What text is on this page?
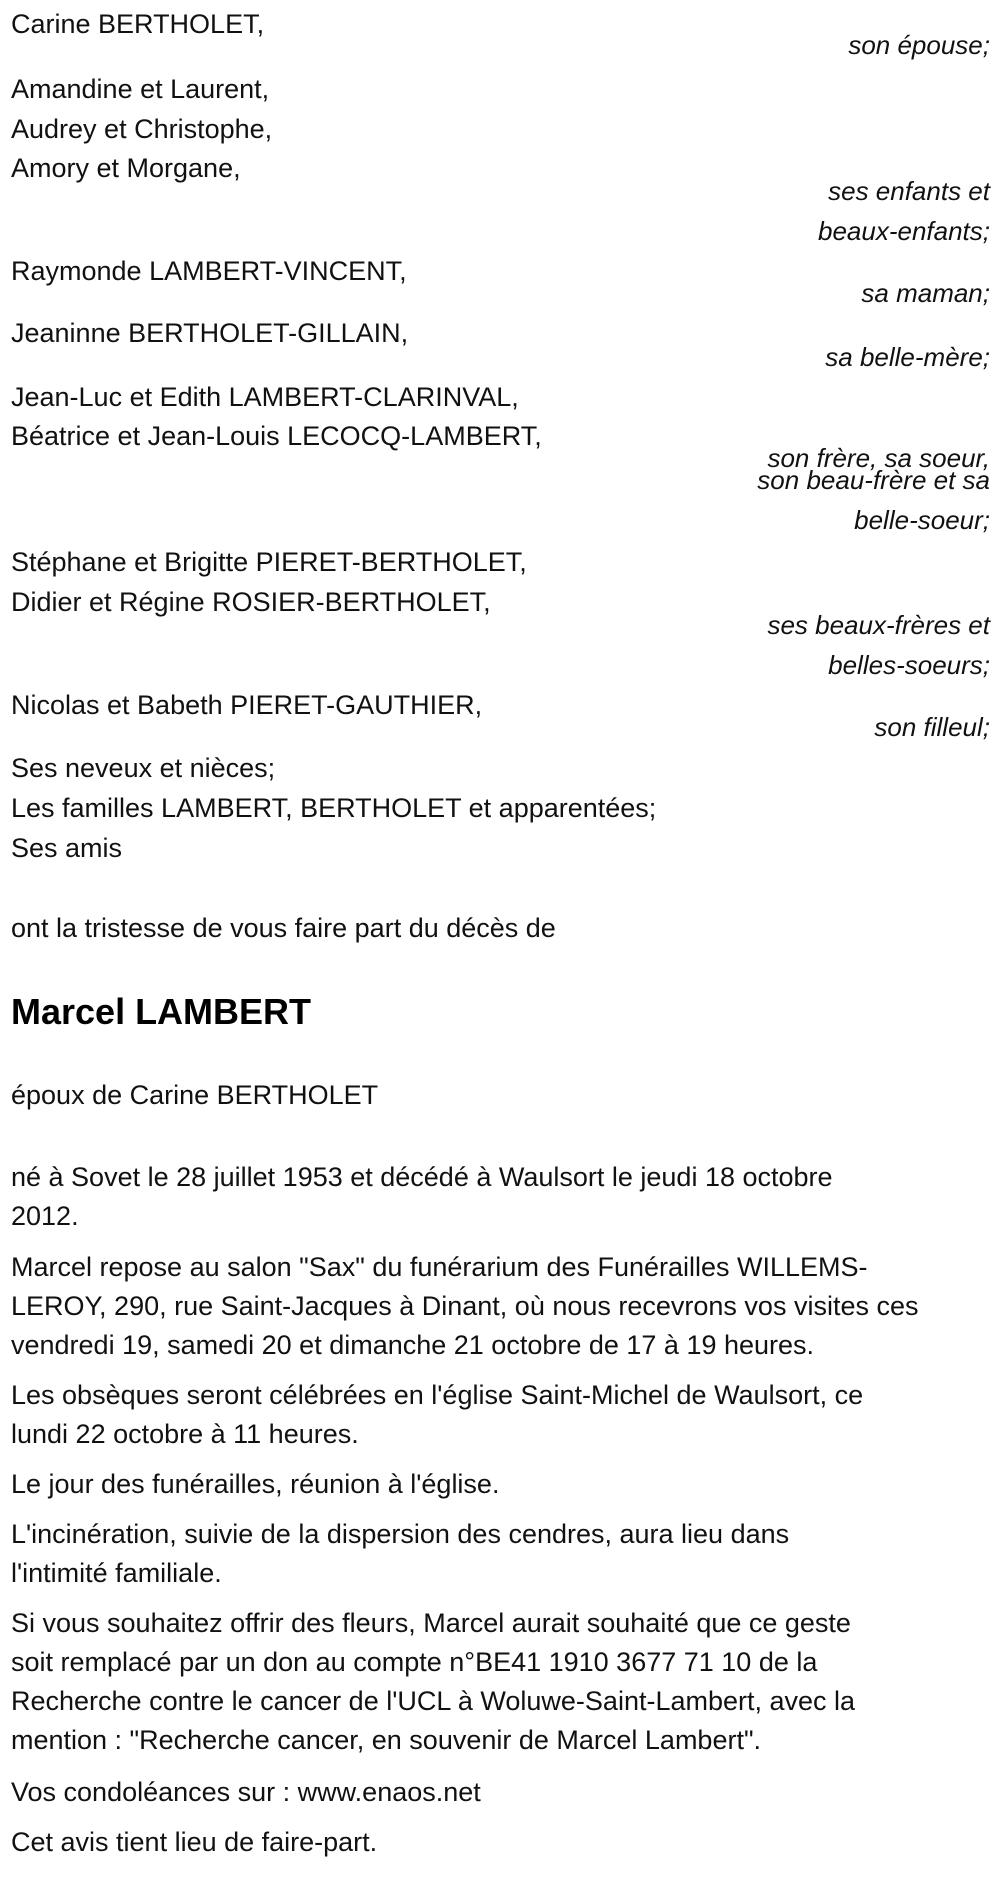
Carine BERTHOLET,
son épouse;
Amandine et Laurent,
Audrey et Christophe,
Amory et Morgane,
ses enfants et
beaux-enfants;
Raymonde LAMBERT-VINCENT,
sa maman;
Jeaninne BERTHOLET-GILLAIN,
sa belle-mère;
Jean-Luc et Edith LAMBERT-CLARINVAL,
Béatrice et Jean-Louis LECOCQ-LAMBERT,
son frère, sa soeur,
son beau-frère et sa
belle-soeur;
Stéphane et Brigitte PIERET-BERTHOLET,
Didier et Régine ROSIER-BERTHOLET,
ses beaux-frères et
belles-soeurs;
Nicolas et Babeth PIERET-GAUTHIER,
son filleul;
Ses neveux et nièces;
Les familles LAMBERT, BERTHOLET et apparentées;
Ses amis
ont la tristesse de vous faire part du décès de
Marcel LAMBERT
époux de Carine BERTHOLET
né à Sovet le 28 juillet 1953 et décédé à Waulsort le jeudi 18 octobre
2012.
Marcel repose au salon "Sax" du funérarium des Funérailles WILLEMS-
LEROY, 290, rue Saint-Jacques à Dinant, où nous recevrons vos visites ces
vendredi 19, samedi 20 et dimanche 21 octobre de 17 à 19 heures.
Les obsèques seront célébrées en l'église Saint-Michel de Waulsort, ce
lundi 22 octobre à 11 heures.
Le jour des funérailles, réunion à l'église.
L'incinération, suivie de la dispersion des cendres, aura lieu dans
l'intimité familiale.
Si vous souhaitez offrir des fleurs, Marcel aurait souhaité que ce geste
soit remplacé par un don au compte n°BE41 1910 3677 71 10 de la
Recherche contre le cancer de l'UCL à Woluwe-Saint-Lambert, avec la
mention : "Recherche cancer, en souvenir de Marcel Lambert".
Vos condoléances sur : www.enaos.net
Cet avis tient lieu de faire-part.
